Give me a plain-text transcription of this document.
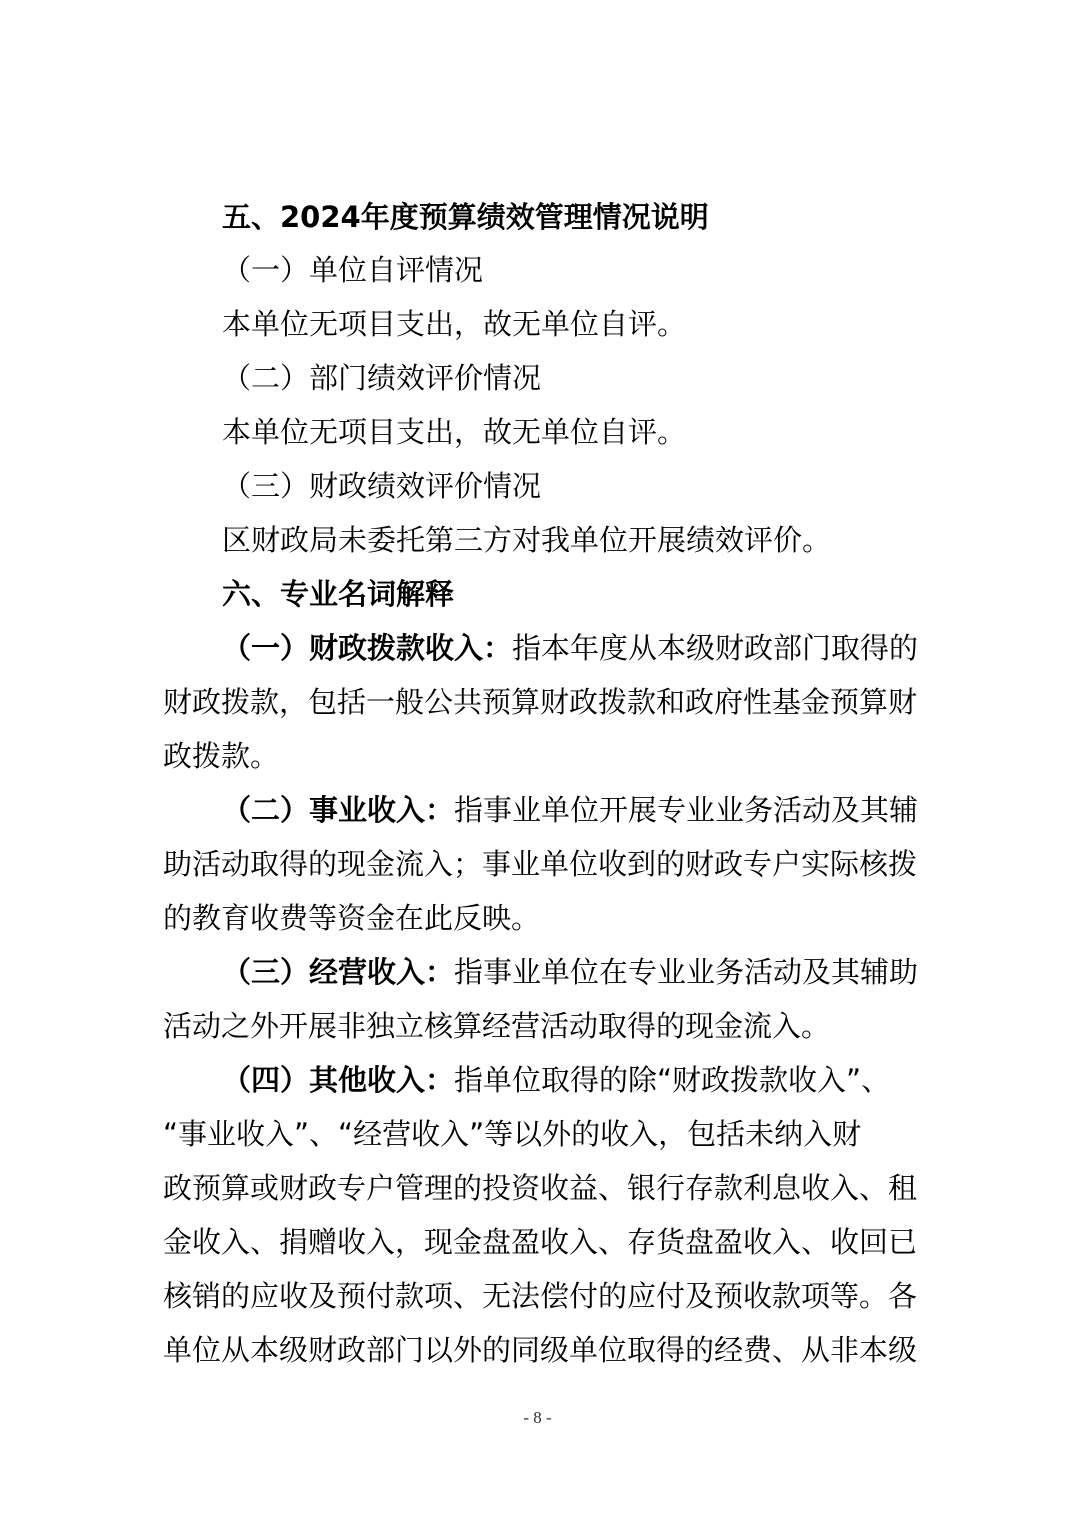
五、2024年度预算绩效管理情况说明

（一）单位自评情况

本单位无项目支出，故无单位自评。

（二）部门绩效评价情况

本单位无项目支出，故无单位自评。

（三）财政绩效评价情况

区财政局未委托第三方对我单位开展绩效评价。

六、专业名词解释

（一）财政拨款收入：指本年度从本级财政部门取得的

财政拨款，包括一般公共预算财政拨款和政府性基金预算财

政拨款。

（二）事业收入：指事业单位开展专业业务活动及其辅

助活动取得的现金流入；事业单位收到的财政专户实际核拨

的教育收费等资金在此反映。

（三）经营收入：指事业单位在专业业务活动及其辅助

活动之外开展非独立核算经营活动取得的现金流入。

（四）其他收入：指单位取得的除“财政拨款收入”、

“事业收入”、“经营收入”等以外的收入，包括未纳入财

政预算或财政专户管理的投资收益、银行存款利息收入、租

金收入、捐赠收入，现金盘盈收入、存货盘盈收入、收回已

核销的应收及预付款项、无法偿付的应付及预收款项等。各

单位从本级财政部门以外的同级单位取得的经费、从非本级

- 8 -
